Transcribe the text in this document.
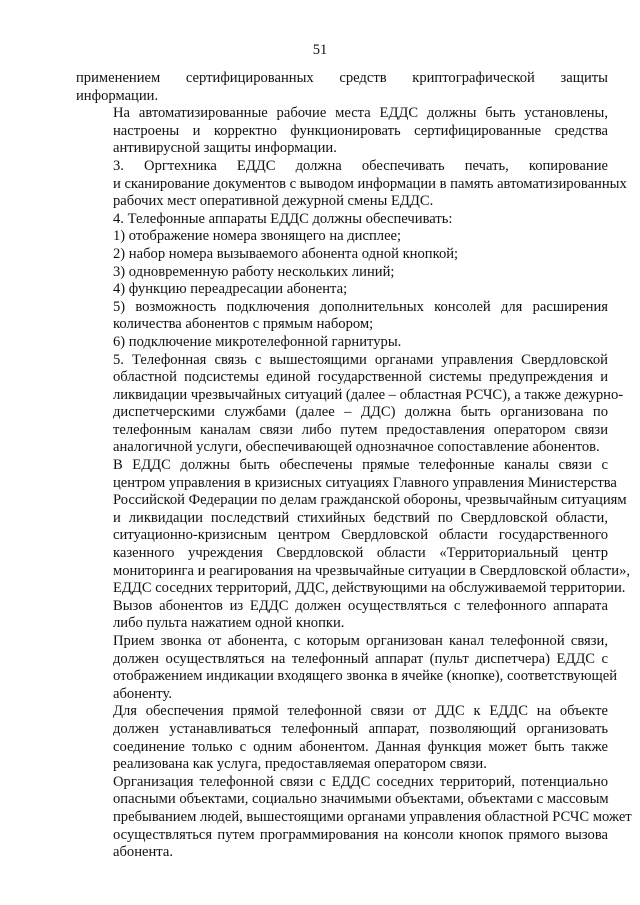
51

применением сертифицированных средств криптографической защиты
информации.

На автоматизированные рабочие места ЕДДС должны быть установлены,
настроены и корректно функционировать сертифицированные средства
антивирусной защиты информации.

3. Оргтехника ЕДДС должна обеспечивать печать, копирование
и сканирование документов с выводом информации в память автоматизированных
рабочих мест оперативной дежурной смены ЕДДС.

4. Телефонные аппараты ЕДДС должны обеспечивать:

1) отображение номера звонящего на дисплее;

2) набор номера вызываемого абонента одной кнопкой;

3) одновременную работу нескольких линий;

4) функцию переадресации абонента;

5) возможность подключения дополнительных консолей для расширения
количества абонентов с прямым набором;

6) подключение микротелефонной гарнитуры.

5. Телефонная связь с вышестоящими органами управления Свердловской
областной подсистемы единой государственной системы предупреждения и
ликвидации чрезвычайных ситуаций (далее – областная РСЧС), а также дежурно-
диспетчерскими службами (далее – ДДС) должна быть организована по
телефонным каналам связи либо путем предоставления оператором связи
аналогичной услуги, обеспечивающей однозначное сопоставление абонентов.

В ЕДДС должны быть обеспечены прямые телефонные каналы связи с
центром управления в кризисных ситуациях Главного управления Министерства
Российской Федерации по делам гражданской обороны, чрезвычайным ситуациям
и ликвидации последствий стихийных бедствий по Свердловской области,
ситуационно-кризисным центром Свердловской области государственного
казенного учреждения Свердловской области «Территориальный центр
мониторинга и реагирования на чрезвычайные ситуации в Свердловской области»,
ЕДДС соседних территорий, ДДС, действующими на обслуживаемой территории.

Вызов абонентов из ЕДДС должен осуществляться с телефонного аппарата
либо пульта нажатием одной кнопки.

Прием звонка от абонента, с которым организован канал телефонной связи,
должен осуществляться на телефонный аппарат (пульт диспетчера) ЕДДС с
отображением индикации входящего звонка в ячейке (кнопке), соответствующей
абоненту.

Для обеспечения прямой телефонной связи от ДДС к ЕДДС на объекте
должен устанавливаться телефонный аппарат, позволяющий организовать
соединение только с одним абонентом. Данная функция может быть также
реализована как услуга, предоставляемая оператором связи.

Организация телефонной связи с ЕДДС соседних территорий, потенциально
опасными объектами, социально значимыми объектами, объектами с массовым
пребыванием людей, вышестоящими органами управления областной РСЧС может
осуществляться путем программирования на консоли кнопок прямого вызова
абонента.
